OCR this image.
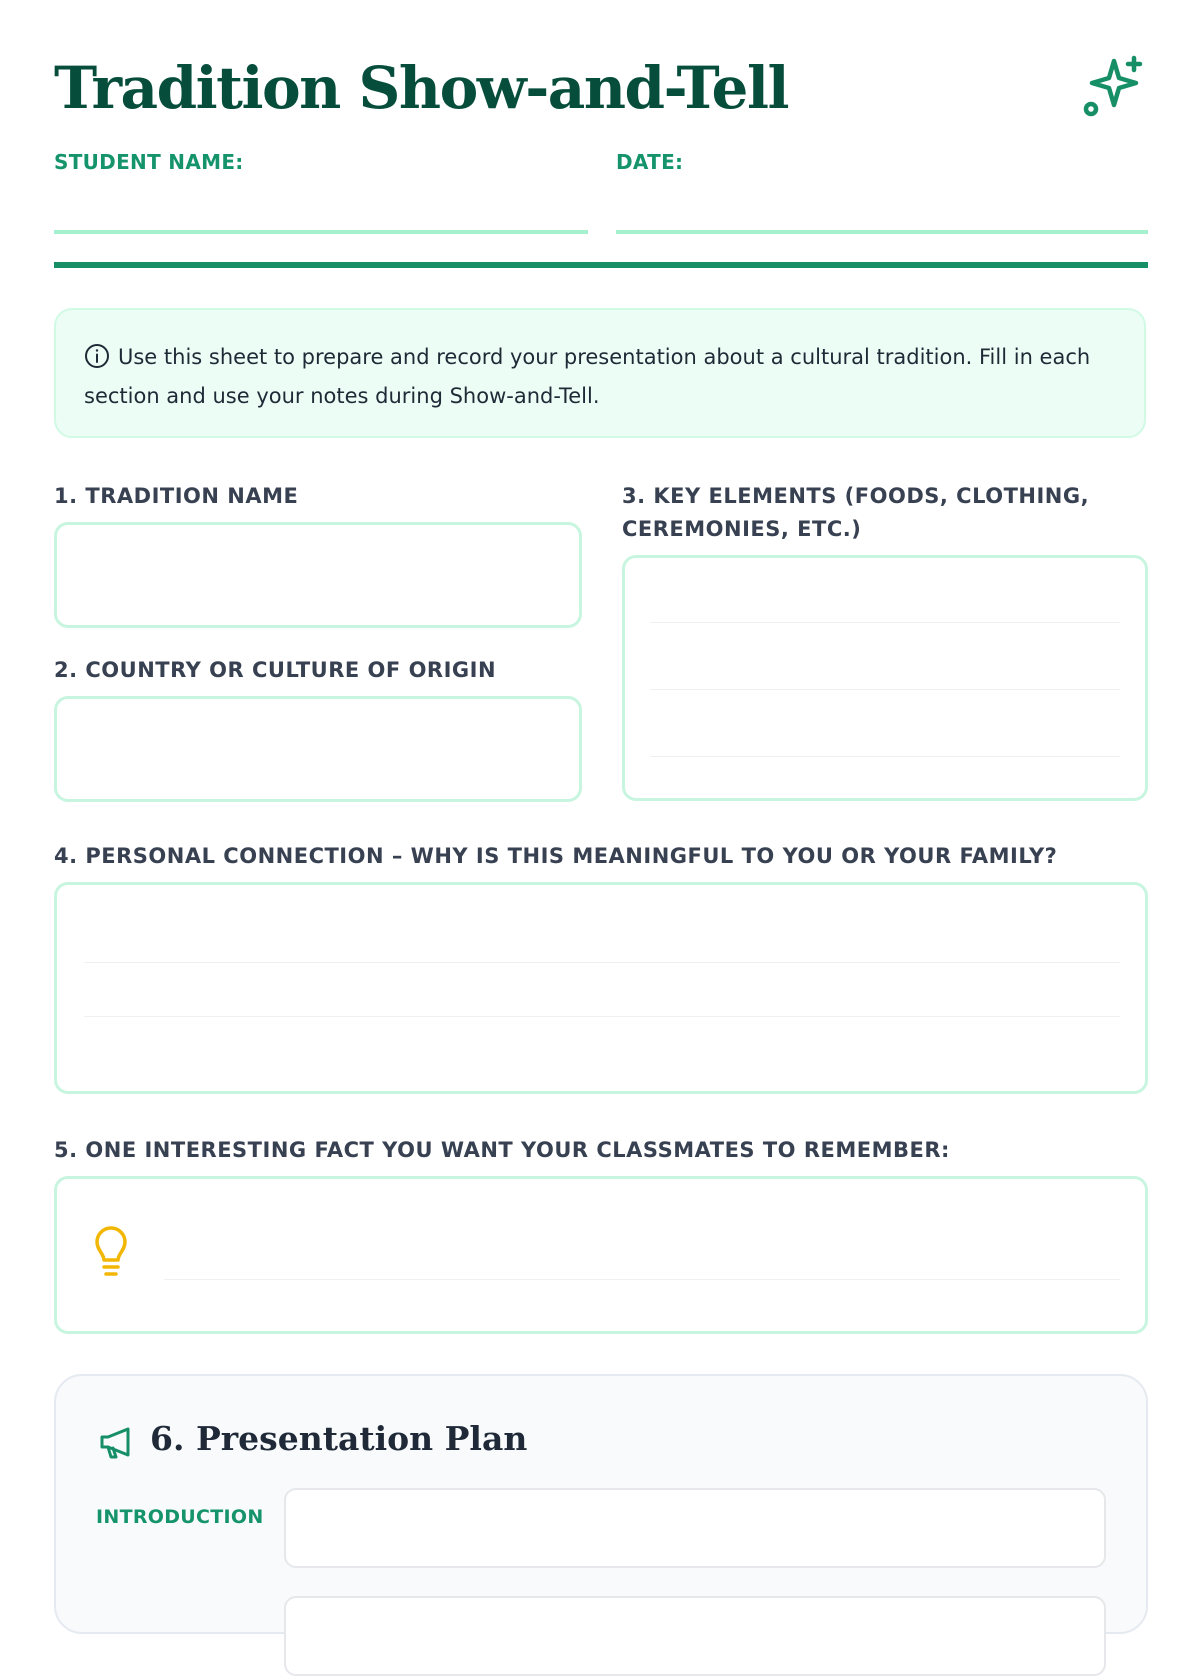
Tradition Show-and-Tell
STUDENT NAME:	DATE:
Use this sheet to prepare and record your presentation about a cultural tradition. Fill in each section and use your notes during Show-and-Tell.
1. TRADITION NAME
2. COUNTRY OR CULTURE OF ORIGIN
3. KEY ELEMENTS (FOODS, CLOTHING, CEREMONIES, ETC.)
4. PERSONAL CONNECTION – WHY IS THIS MEANINGFUL TO YOU OR YOUR FAMILY?
5. ONE INTERESTING FACT YOU WANT YOUR CLASSMATES TO REMEMBER:
6. Presentation Plan
INTRODUCTION
